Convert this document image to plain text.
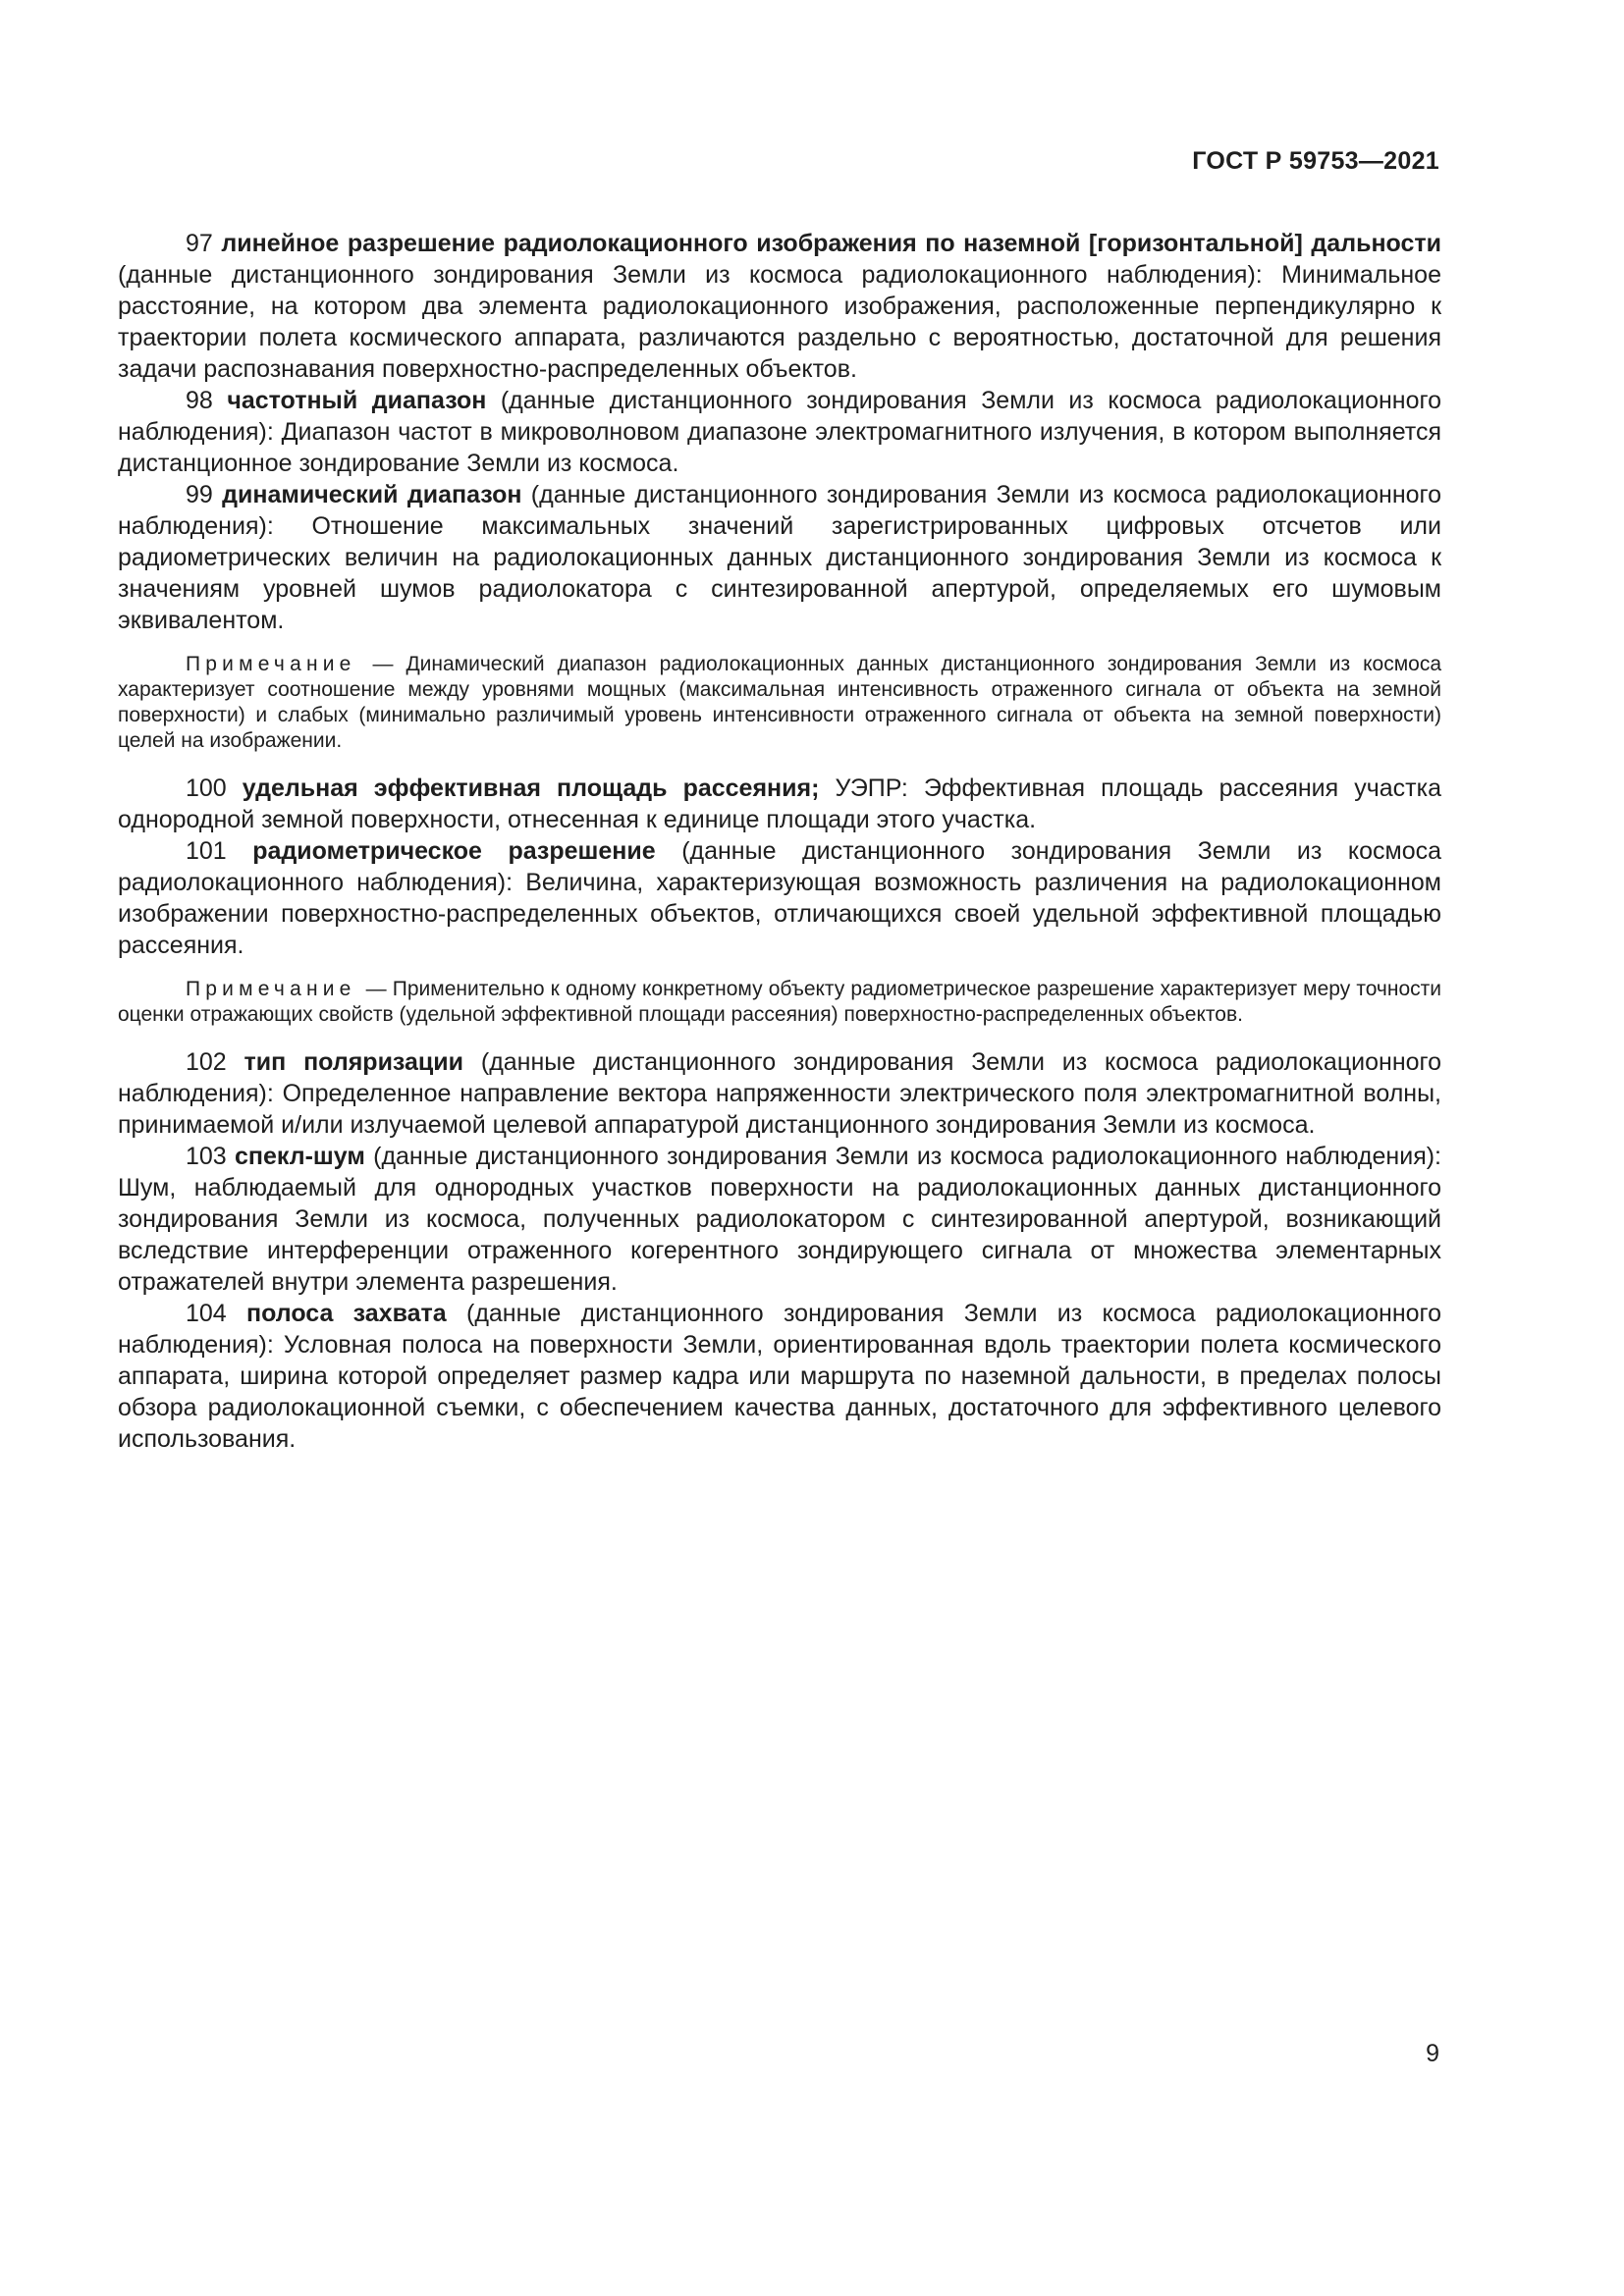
ГОСТ Р 59753—2021

97 линейное разрешение радиолокационного изображения по наземной [горизонтальной] дальности (данные дистанционного зондирования Земли из космоса радиолокационного наблюдения): Минимальное расстояние, на котором два элемента радиолокационного изображения, расположенные перпендикулярно к траектории полета космического аппарата, различаются раздельно с вероятностью, достаточной для решения задачи распознавания поверхностно-распределенных объектов.

98 частотный диапазон (данные дистанционного зондирования Земли из космоса радиолокационного наблюдения): Диапазон частот в микроволновом диапазоне электромагнитного излучения, в котором выполняется дистанционное зондирование Земли из космоса.

99 динамический диапазон (данные дистанционного зондирования Земли из космоса радиолокационного наблюдения): Отношение максимальных значений зарегистрированных цифровых отсчетов или радиометрических величин на радиолокационных данных дистанционного зондирования Земли из космоса к значениям уровней шумов радиолокатора с синтезированной апертурой, определяемых его шумовым эквивалентом.

Примечание — Динамический диапазон радиолокационных данных дистанционного зондирования Земли из космоса характеризует соотношение между уровнями мощных (максимальная интенсивность отраженного сигнала от объекта на земной поверхности) и слабых (минимально различимый уровень интенсивности отраженного сигнала от объекта на земной поверхности) целей на изображении.

100 удельная эффективная площадь рассеяния; УЭПР: Эффективная площадь рассеяния участка однородной земной поверхности, отнесенная к единице площади этого участка.

101 радиометрическое разрешение (данные дистанционного зондирования Земли из космоса радиолокационного наблюдения): Величина, характеризующая возможность различения на радиолокационном изображении поверхностно-распределенных объектов, отличающихся своей удельной эффективной площадью рассеяния.

Примечание — Применительно к одному конкретному объекту радиометрическое разрешение характеризует меру точности оценки отражающих свойств (удельной эффективной площади рассеяния) поверхностно-распределенных объектов.

102 тип поляризации (данные дистанционного зондирования Земли из космоса радиолокационного наблюдения): Определенное направление вектора напряженности электрического поля электромагнитной волны, принимаемой и/или излучаемой целевой аппаратурой дистанционного зондирования Земли из космоса.

103 спекл-шум (данные дистанционного зондирования Земли из космоса радиолокационного наблюдения): Шум, наблюдаемый для однородных участков поверхности на радиолокационных данных дистанционного зондирования Земли из космоса, полученных радиолокатором с синтезированной апертурой, возникающий вследствие интерференции отраженного когерентного зондирующего сигнала от множества элементарных отражателей внутри элемента разрешения.

104 полоса захвата (данные дистанционного зондирования Земли из космоса радиолокационного наблюдения): Условная полоса на поверхности Земли, ориентированная вдоль траектории полета космического аппарата, ширина которой определяет размер кадра или маршрута по наземной дальности, в пределах полосы обзора радиолокационной съемки, с обеспечением качества данных, достаточного для эффективного целевого использования.

9
